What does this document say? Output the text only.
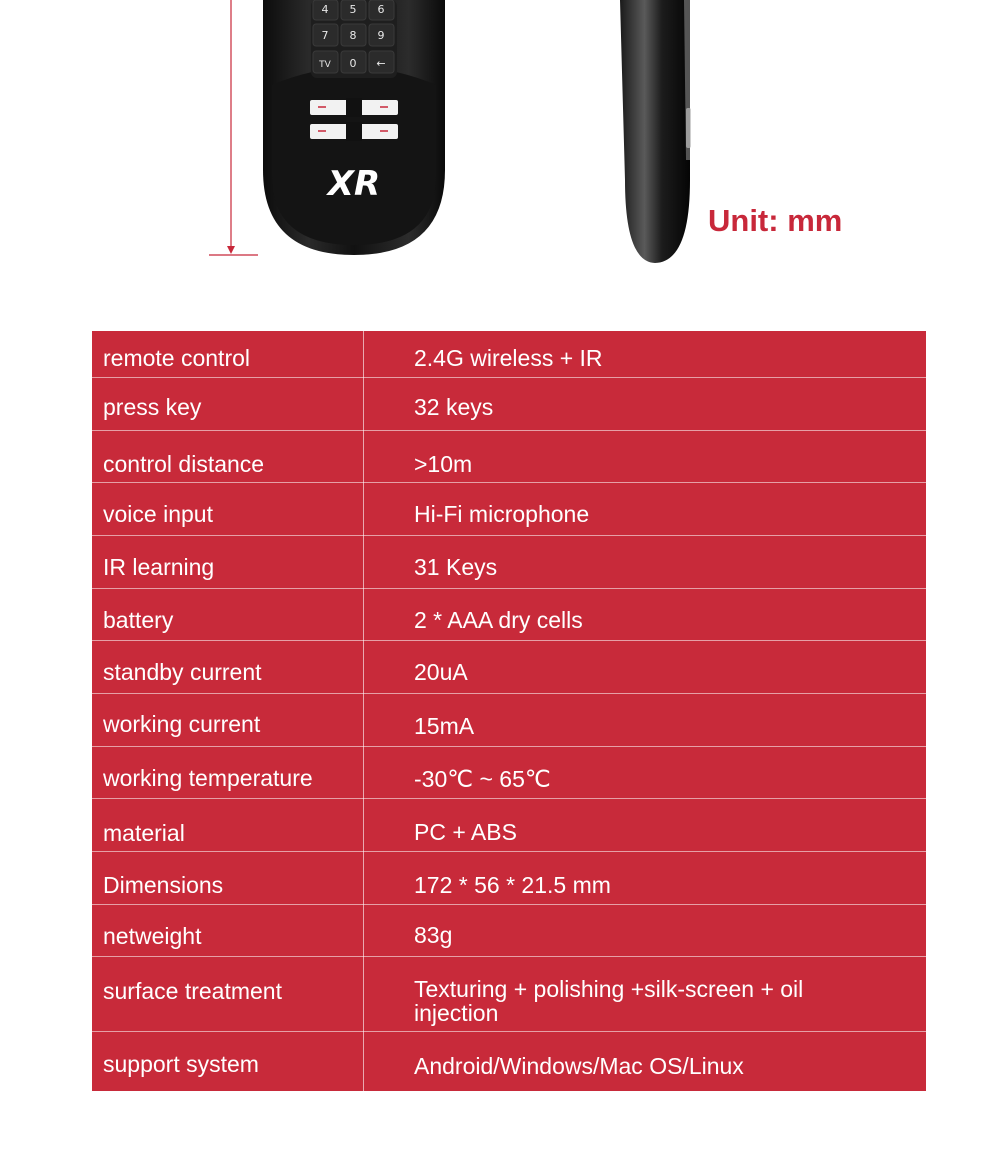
4 5 6
7 8 9
TV 0 ←
XR
Unit: mm
remote control	2.4G wireless + IR
press key	32 keys
control distance	>10m
voice input	Hi-Fi microphone
IR learning	31 Keys
battery	2 * AAA dry cells
standby current	20uA
working current	15mA
working temperature	-30℃ ~ 65℃
material	PC + ABS
Dimensions	172 * 56 * 21.5 mm
netweight	83g
surface treatment	Texturing + polishing +silk-screen + oil injection
support system	Android/Windows/Mac OS/Linux
